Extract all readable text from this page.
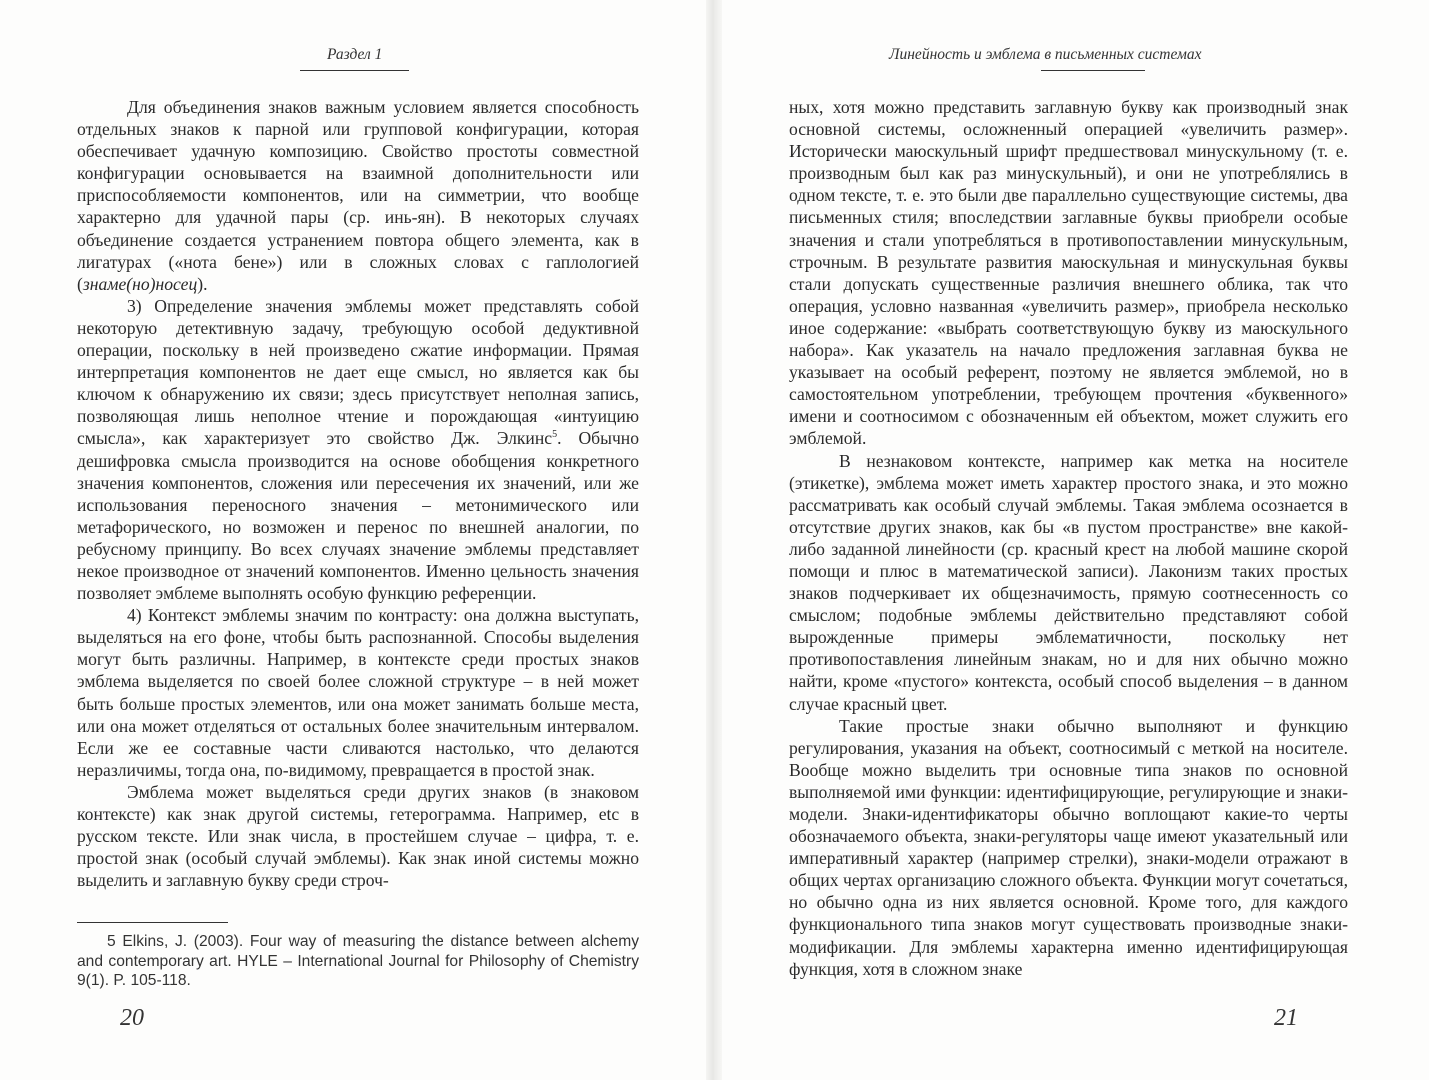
Раздел 1	Линейность и эмблема в письменных системах

Для объединения знаков важным условием является способность отдельных знаков к парной или групповой конфигурации, которая обеспечивает удачную композицию. Свойство простоты совместной конфигурации основывается на взаимной дополнительности или приспособляемости компонентов, или на симметрии, что вообще характерно для удачной пары (ср. инь-ян). В некоторых случаях объединение создается устранением повтора общего элемента, как в лигатурах («нота бене») или в сложных словах с гаплологией (знаме(но)носец).

3) Определение значения эмблемы может представлять собой некоторую детективную задачу, требующую особой дедуктивной операции, поскольку в ней произведено сжатие информации. Прямая интерпретация компонентов не дает еще смысл, но является как бы ключом к обнаружению их связи; здесь присутствует неполная запись, позволяющая лишь неполное чтение и порождающая «интуицию смысла», как характеризует это свойство Дж. Элкинс$^5$. Обычно дешифровка смысла производится на основе обобщения конкретного значения компонентов, сложения или пересечения их значений, или же использования переносного значения – метонимического или метафорического, но возможен и перенос по внешней аналогии, по ребусному принципу. Во всех случаях значение эмблемы представляет некое производное от значений компонентов. Именно цельность значения позволяет эмблеме выполнять особую функцию референции.

4) Контекст эмблемы значим по контрасту: она должна выступать, выделяться на его фоне, чтобы быть распознанной. Способы выделения могут быть различны. Например, в контексте среди простых знаков эмблема выделяется по своей более сложной структуре – в ней может быть больше простых элементов, или она может занимать больше места, или она может отделяться от остальных более значительным интервалом. Если же ее составные части сливаются настолько, что делаются неразличимы, тогда она, по-видимому, превращается в простой знак.

Эмблема может выделяться среди других знаков (в знаковом контексте) как знак другой системы, гетерограмма. Например, etc в русском тексте. Или знак числа, в простейшем случае – цифра, т. е. простой знак (особый случай эмблемы). Как знак иной системы можно выделить и заглавную букву среди строч-

5 Elkins, J. (2003). Four way of measuring the distance between alchemy and contemporary art. HYLE – International Journal for Philosophy of Chemistry 9(1). P. 105-118.
20

ных, хотя можно представить заглавную букву как производный знак основной системы, осложненный операцией «увеличить размер». Исторически маюскульный шрифт предшествовал минускульному (т. е. производным был как раз минускульный), и они не употреблялись в одном тексте, т. е. это были две параллельно существующие системы, два письменных стиля; впоследствии заглавные буквы приобрели особые значения и стали употребляться в противопоставлении минускульным, строчным. В результате развития маюскульная и минускульная буквы стали допускать существенные различия внешнего облика, так что операция, условно названная «увеличить размер», приобрела несколько иное содержание: «выбрать соответствующую букву из маюскульного набора». Как указатель на начало предложения заглавная буква не указывает на особый референт, поэтому не является эмблемой, но в самостоятельном употреблении, требующем прочтения «буквенного» имени и соотносимом с обозначенным ей объектом, может служить его эмблемой.

В незнаковом контексте, например как метка на носителе (этикетке), эмблема может иметь характер простого знака, и это можно рассматривать как особый случай эмблемы. Такая эмблема осознается в отсутствие других знаков, как бы «в пустом пространстве» вне какой-либо заданной линейности (ср. красный крест на любой машине скорой помощи и плюс в математической записи). Лаконизм таких простых знаков подчеркивает их общезначимость, прямую соотнесенность со смыслом; подобные эмблемы действительно представляют собой вырожденные примеры эмблематичности, поскольку нет противопоставления линейным знакам, но и для них обычно можно найти, кроме «пустого» контекста, особый способ выделения – в данном случае красный цвет.

Такие простые знаки обычно выполняют и функцию регулирования, указания на объект, соотносимый с меткой на носителе. Вообще можно выделить три основные типа знаков по основной выполняемой ими функции: идентифицирующие, регулирующие и знаки-модели. Знаки-идентификаторы обычно воплощают какие-то черты обозначаемого объекта, знаки-регуляторы чаще имеют указательный или императивный характер (например стрелки), знаки-модели отражают в общих чертах организацию сложного объекта. Функции могут сочетаться, но обычно одна из них является основной. Кроме того, для каждого функционального типа знаков могут существовать производные знаки-модификации. Для эмблемы характерна именно идентифицирующая функция, хотя в сложном знаке

21
